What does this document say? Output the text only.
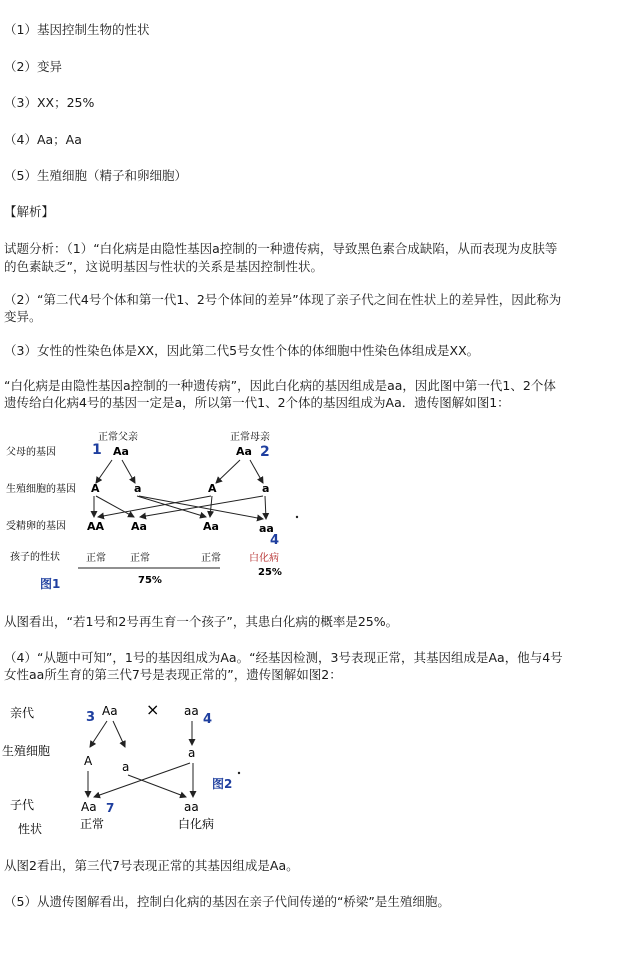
（1）基因控制生物的性状
（2）变异
（3）XX；25%
（4）Aa；Aa
（5）生殖细胞（精子和卵细胞）
【解析】
试题分析：（1）“白化病是由隐性基因a控制的一种遗传病，导致黑色素合成缺陷，从而表现为皮肤等
的色素缺乏”，这说明基因与性状的关系是基因控制性状。
（2）“第二代4号个体和第一代1、2号个体间的差异”体现了亲子代之间在性状上的差异性，因此称为
变异。
（3）女性的性染色体是XX，因此第二代5号女性个体的体细胞中性染色体组成是XX。
“白化病是由隐性基因a控制的一种遗传病”，因此白化病的基因组成是aa，因此图中第一代1、2个体
遗传给白化病4号的基因一定是a，所以第一代1、2个体的基因组成为Aa．遗传图解如图1：
父母的基因
生殖细胞的基因
受精卵的基因
孩子的性状
正常父亲	正常母亲
1	2
Aa	Aa
A	a	A	a
AA Aa	Aa	aa
4
正常 正常	正常	白化病
75%
25%
图1
从图看出，“若1号和2号再生育一个孩子”，其患白化病的概率是25%。
（4）“从题中可知”，1号的基因组成为Aa。“经基因检测，3号表现正常，其基因组成是Aa，他与4号
女性aa所生育的第三代7号是表现正常的”，遗传图解如图2：
亲代
生殖细胞
子代
性状
3 Aa × aa
4
A a
a
Aa 7	aa
正常	白化病
图2
从图2看出，第三代7号表现正常的其基因组成是Aa。
（5）从遗传图解看出，控制白化病的基因在亲子代间传递的“桥梁”是生殖细胞。
